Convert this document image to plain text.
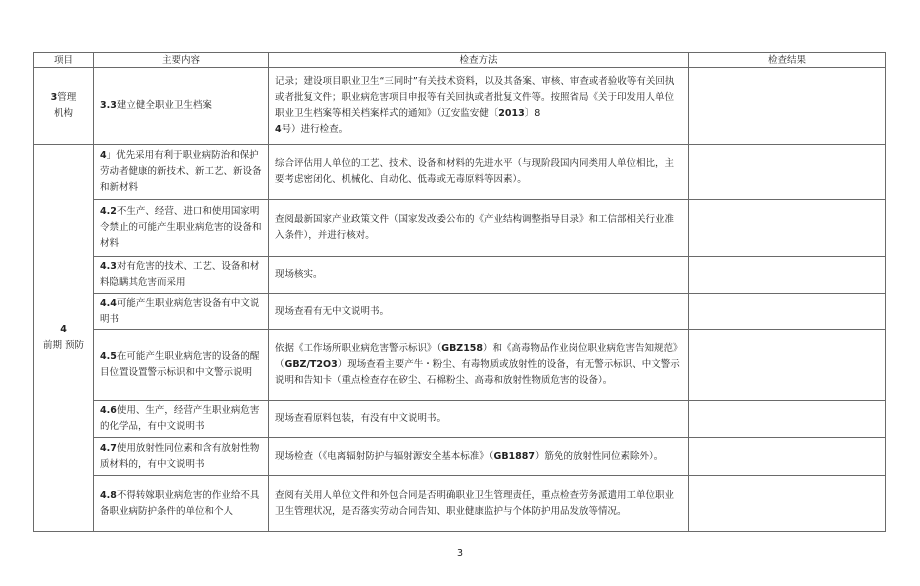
项目	主要内容	检查方法	检查结果
3管理
机构	3.3建立健全职业卫生档案	记录；建设项目职业卫生“三同时”有关技术资料，以及其备案、审核、审查或者验收等有关回执或者批复文件；职业病危害项目申报等有关回执或者批复文件等。按照省局《关于印发用人单位职业卫生档案等相关档案样式的通知》（辽安监安健〔2013〕8
4号）进行检查。	
4
前期 预防	4」优先采用有利于职业病防治和保护劳动者健康的新技术、新工艺、新设备和新材料	综合评估用人单位的工艺、技术、设备和材料的先进水平（与现阶段国内同类用人单位相比，主要考虑密闭化、机械化、自动化、低毒或无毒原料等因素）。	
	4.2不生产、经营、进口和使用国家明令禁止的可能产生职业病危害的设备和材料	查阅最新国家产业政策文件（国家发改委公布的《产业结构调整指导目录》和工信部相关行业准入条件），并进行核对。	
	4.3对有危害的技术、工艺、设备和材料隐瞒其危害而采用	现场核实。	
	4.4可能产生职业病危害设备有中文说明书	现场查看有无中文说明书。	
	4.5在可能产生职业病危害的设备的醒目位置设置警示标识和中文警示说明	依据《工作场所职业病危害警示标识》（GBZ158）和《高毒物品作业岗位职业病危害告知规范》（GBZ/T2O3）现场查看主要产牛・粉尘、有毒物质或放射性的设备，有无警示标识、中文警示说明和告知卡（重点检查存在矽尘、石棉粉尘、高毒和放射性物质危害的设备）。	
	4.6使用、生产，经营产生职业病危害的化学品，有中文说明书	现场查看原料包装，有没有中文说明书。	
	4.7使用放射性同位素和含有放射性物质材料的，有中文说明书	现场检查（《电离辐射防护与辐射源安全基本标准》（GB1887）筋免的放射性同位素除外）。	
	4.8不得转嫁职业病危害的作业给不具备职业病防护条件的单位和个人	查阅有关用人单位文件和外包合同是否明确职业卫生管理责任，重点检查劳务派遣用工单位职业卫生管理状况，是否落实劳动合同告知、职业健康监护与个体防护用品发放等情况。	
3
